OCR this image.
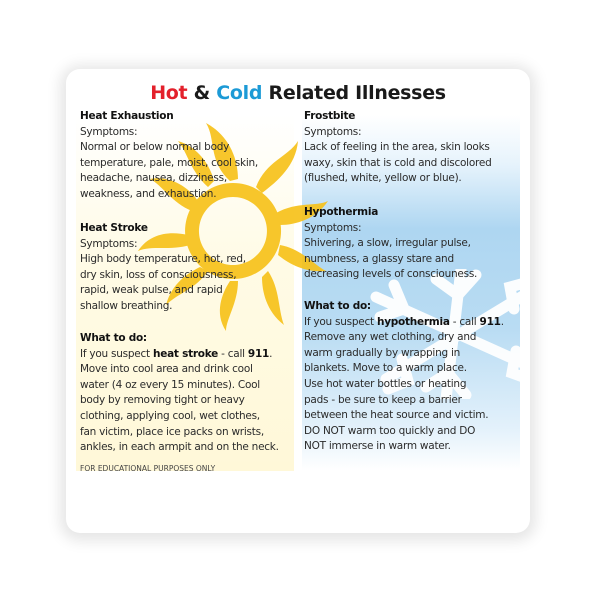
Hot & Cold Related Illnesses
Heat Exhaustion
Symptoms:
Normal or below normal body
temperature, pale, moist, cool skin,
headache, nausea, dizziness,
weakness, and exhaustion.
Heat Stroke
Symptoms:
High body temperature, hot, red,
dry skin, loss of consciousness,
rapid, weak pulse, and rapid
shallow breathing.
What to do:
If you suspect heat stroke - call 911.
Move into cool area and drink cool
water (4 oz every 15 minutes). Cool
body by removing tight or heavy
clothing, applying cool, wet clothes,
fan victim, place ice packs on wrists,
ankles, in each armpit and on the neck.
FOR EDUCATIONAL PURPOSES ONLY
Frostbite
Symptoms:
Lack of feeling in the area, skin looks
waxy, skin that is cold and discolored
(flushed, white, yellow or blue).
Hypothermia
Symptoms:
Shivering, a slow, irregular pulse,
numbness, a glassy stare and
decreasing levels of consciouness.
What to do:
If you suspect hypothermia - call 911.
Remove any wet clothing, dry and
warm gradually by wrapping in
blankets. Move to a warm place.
Use hot water bottles or heating
pads - be sure to keep a barrier
between the heat source and victim.
DO NOT warm too quickly and DO
NOT immerse in warm water.
